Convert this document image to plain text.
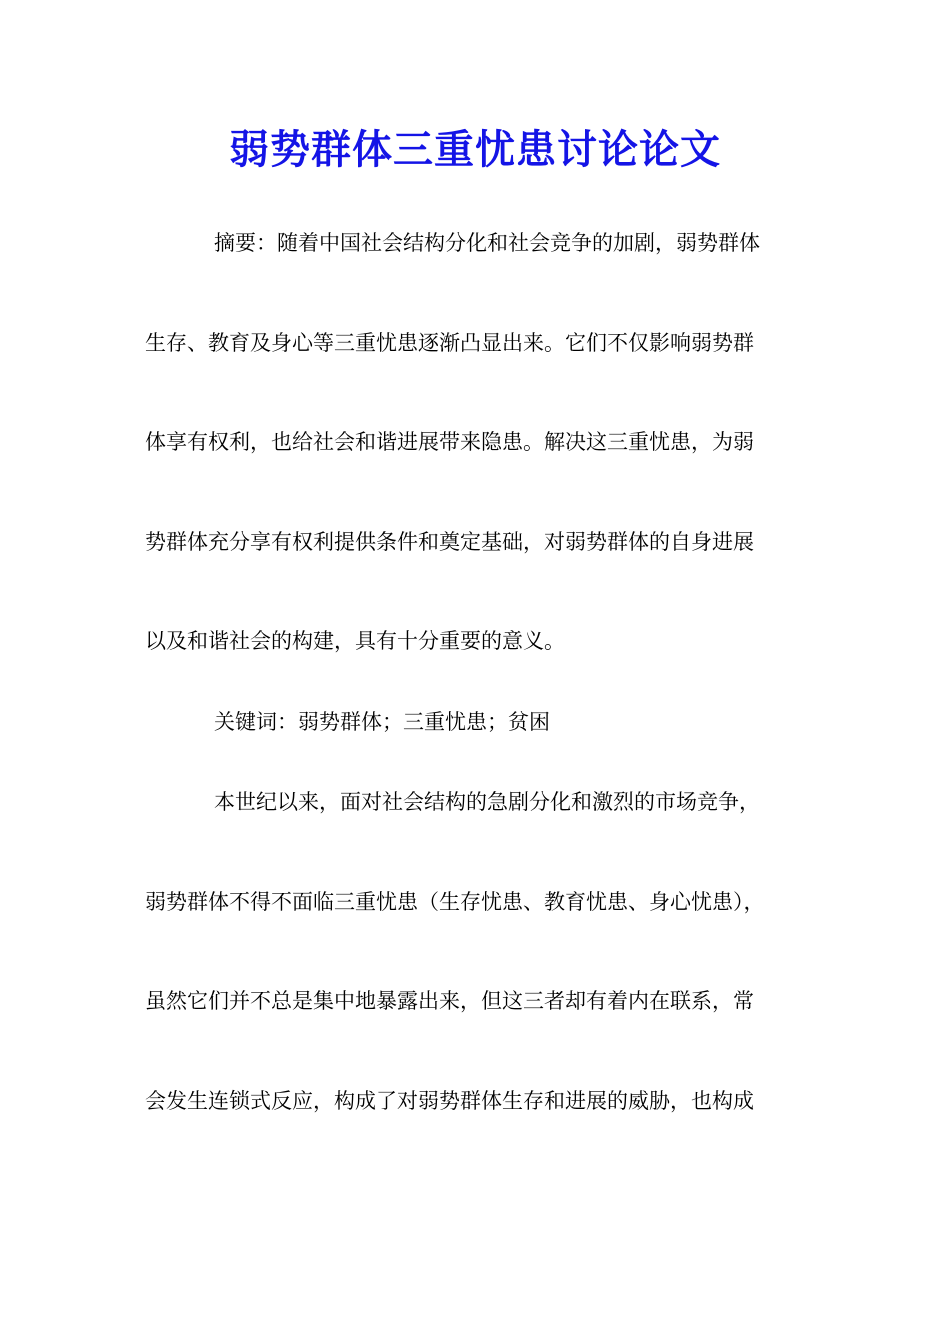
弱势群体三重忧患讨论论文

摘要：随着中国社会结构分化和社会竞争的加剧，弱势群体

生存、教育及身心等三重忧患逐渐凸显出来。它们不仅影响弱势群

体享有权利，也给社会和谐进展带来隐患。解决这三重忧患，为弱

势群体充分享有权利提供条件和奠定基础，对弱势群体的自身进展

以及和谐社会的构建，具有十分重要的意义。

关键词：弱势群体；三重忧患；贫困

本世纪以来，面对社会结构的急剧分化和激烈的市场竞争，

弱势群体不得不面临三重忧患（生存忧患、教育忧患、身心忧患），

虽然它们并不总是集中地暴露出来，但这三者却有着内在联系，常

会发生连锁式反应，构成了对弱势群体生存和进展的威胁，也构成
